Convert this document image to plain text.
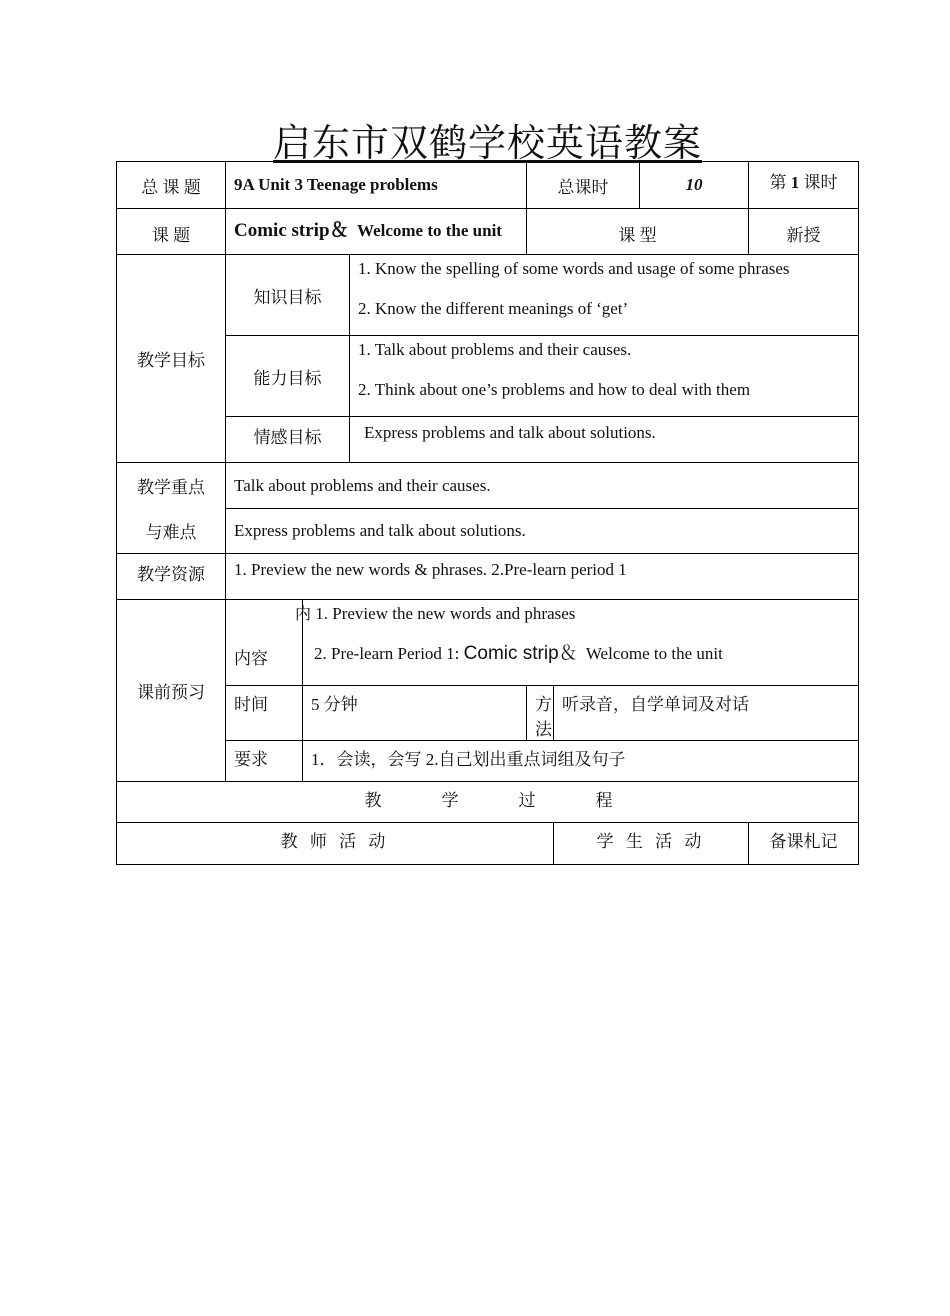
启东市双鹤学校英语教案
总 课 题	9A Unit 3 Teenage problems			总课时		10	第 1 课时
课 题	Comic strip＆ Welcome to the unit			课 型			新授
教学目标	知识目标		1. Know the spelling of some words and usage of some phrases
2. Know the different meanings of ‘get’				

	能力目标		1. Talk about problems and their causes.
2. Think about one’s problems and how to deal with them				

	情感目标		Express problems and talk about solutions.				
教学重点	Talk about problems and their causes.						
与难点	Express problems and talk about solutions.						
教学资源	1. Preview the new words & phrases. 2.Pre-learn period 1						
课前预习	内容	内 1. Preview the new words and phrases
2. Pre-learn Period 1: Comic strip＆ Welcome to the unit					

	时间	5 分钟		方法	听录音，自学单词及对话		
	要求	1．会读，会写 2.自己划出重点词组及句子					
教学过程							
教 师 活 动					学 生 活 动		备课札记
